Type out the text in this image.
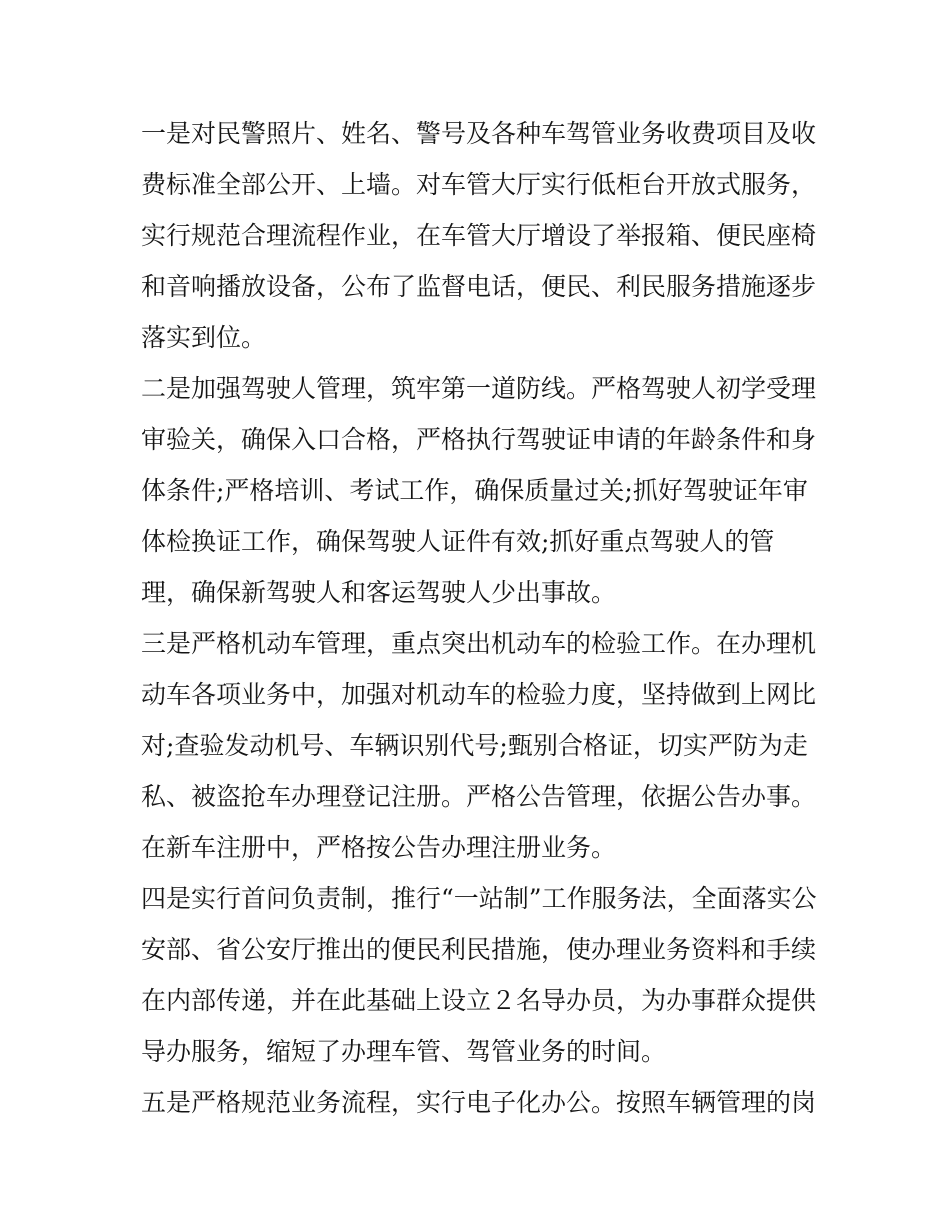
一是对民警照片、姓名、警号及各种车驾管业务收费项目及收
费标准全部公开、上墙。对车管大厅实行低柜台开放式服务，
实行规范合理流程作业，在车管大厅增设了举报箱、便民座椅
和音响播放设备，公布了监督电话，便民、利民服务措施逐步
落实到位。
二是加强驾驶人管理，筑牢第一道防线。严格驾驶人初学受理
审验关，确保入口合格，严格执行驾驶证申请的年龄条件和身
体条件;严格培训、考试工作，确保质量过关;抓好驾驶证年审
体检换证工作，确保驾驶人证件有效;抓好重点驾驶人的管
理，确保新驾驶人和客运驾驶人少出事故。
三是严格机动车管理，重点突出机动车的检验工作。在办理机
动车各项业务中，加强对机动车的检验力度，坚持做到上网比
对;查验发动机号、车辆识别代号;甄别合格证，切实严防为走
私、被盗抢车办理登记注册。严格公告管理，依据公告办事。
在新车注册中，严格按公告办理注册业务。
四是实行首问负责制，推行“一站制”工作服务法，全面落实公
安部、省公安厅推出的便民利民措施，使办理业务资料和手续
在内部传递，并在此基础上设立２名导办员，为办事群众提供
导办服务，缩短了办理车管、驾管业务的时间。
五是严格规范业务流程，实行电子化办公。按照车辆管理的岗
